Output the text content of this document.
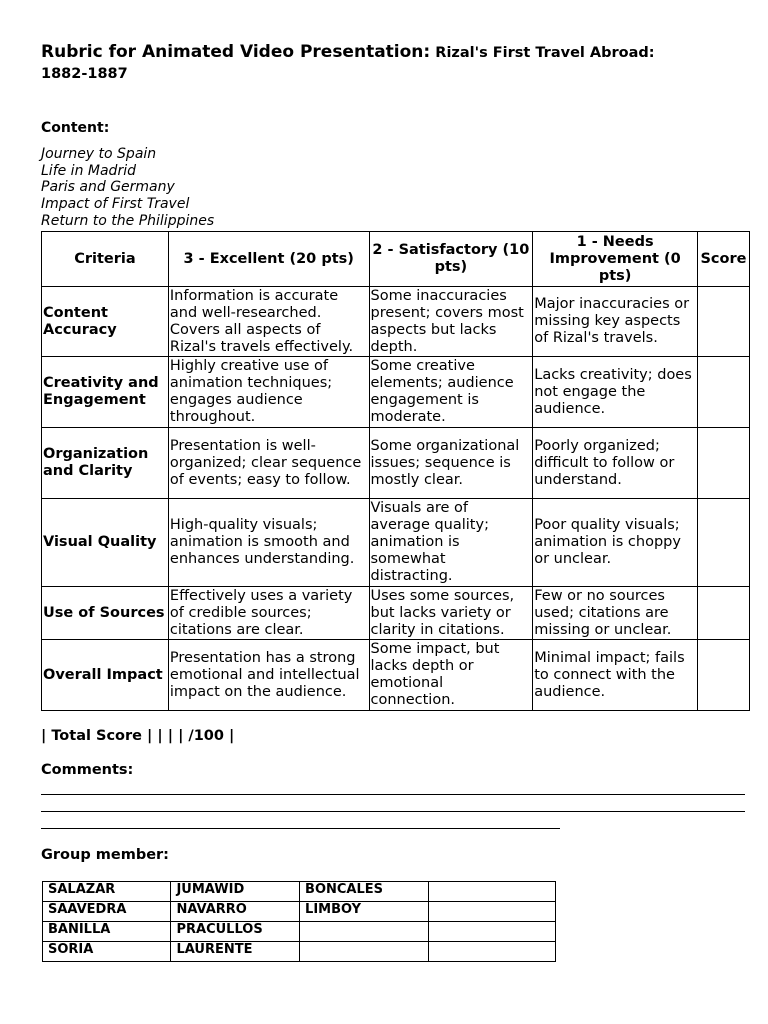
Rubric for Animated Video Presentation: Rizal's First Travel Abroad:
1882-1887
Content:
Journey to Spain
Life in Madrid
Paris and Germany
Impact of First Travel
Return to the Philippines
Criteria	3 - Excellent (20 pts)	2 - Satisfactory (10 pts)	1 - Needs Improvement (0 pts)	Score
Content Accuracy	Information is accurate and well-researched. Covers all aspects of Rizal's travels effectively.	Some inaccuracies present; covers most aspects but lacks depth.	Major inaccuracies or missing key aspects of Rizal's travels.	
Creativity and Engagement	Highly creative use of animation techniques; engages audience throughout.	Some creative elements; audience engagement is moderate.	Lacks creativity; does not engage the audience.	
Organization and Clarity	Presentation is well-organized; clear sequence of events; easy to follow.	Some organizational issues; sequence is mostly clear.	Poorly organized; difficult to follow or understand.	
Visual Quality	High-quality visuals; animation is smooth and enhances understanding.	Visuals are of average quality; animation is somewhat distracting.	Poor quality visuals; animation is choppy or unclear.	
Use of Sources	Effectively uses a variety of credible sources; citations are clear.	Uses some sources, but lacks variety or clarity in citations.	Few or no sources used; citations are missing or unclear.	
Overall Impact	Presentation has a strong emotional and intellectual impact on the audience.	Some impact, but lacks depth or emotional connection.	Minimal impact; fails to connect with the audience.	
| Total Score | | | | /100 |
Comments:
Group member:
SALAZAR	JUMAWID	BONCALES	
SAAVEDRA	NAVARRO	LIMBOY	
BANILLA	PRACULLOS		
SORIA	LAURENTE		
